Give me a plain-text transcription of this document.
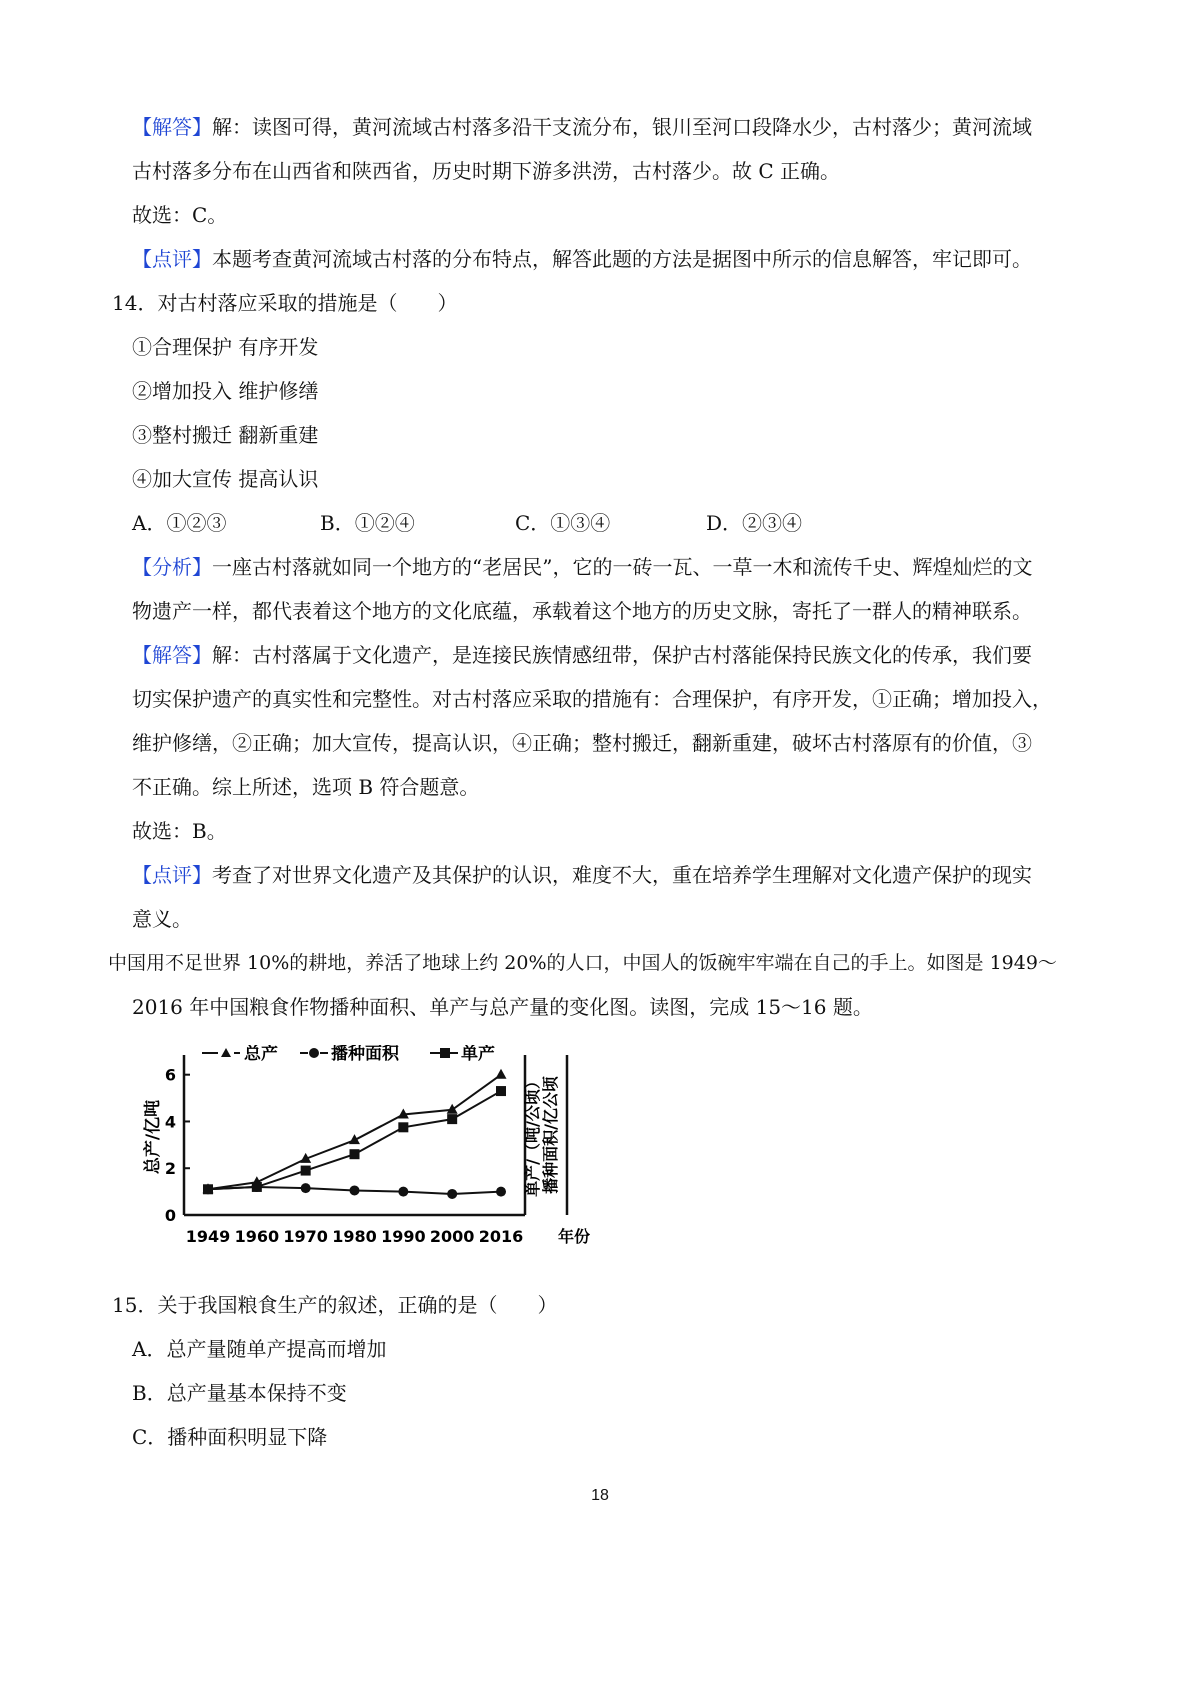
【解答】解：读图可得，黄河流域古村落多沿干支流分布，银川至河口段降水少，古村落少；黄河流域
古村落多分布在山西省和陕西省，历史时期下游多洪涝，古村落少。故 C 正确。
故选：C。
【点评】本题考查黄河流域古村落的分布特点，解答此题的方法是据图中所示的信息解答，牢记即可。
14．对古村落应采取的措施是（　　）
①合理保护 有序开发
②增加投入 维护修缮
③整村搬迁 翻新重建
④加大宣传 提高认识
A．①②③	B．①②④	C．①③④	D．②③④
【分析】一座古村落就如同一个地方的“老居民”，它的一砖一瓦、一草一木和流传千史、辉煌灿烂的文
物遗产一样，都代表着这个地方的文化底蕴，承载着这个地方的历史文脉，寄托了一群人的精神联系。
【解答】解：古村落属于文化遗产，是连接民族情感纽带，保护古村落能保持民族文化的传承，我们要
切实保护遗产的真实性和完整性。对古村落应采取的措施有：合理保护，有序开发，①正确；增加投入，
维护修缮，②正确；加大宣传，提高认识，④正确；整村搬迁，翻新重建，破坏古村落原有的价值，③
不正确。综上所述，选项 B 符合题意。
故选：B。
【点评】考查了对世界文化遗产及其保护的认识，难度不大，重在培养学生理解对文化遗产保护的现实
意义。
中国用不足世界 10%的耕地，养活了地球上约 20%的人口，中国人的饭碗牢牢端在自己的手上。如图是 1949～
2016 年中国粮食作物播种面积、单产与总产量的变化图。读图，完成 15～16 题。
总产	播种面积	单产
总产/亿吨	单产/（吨/公顷） 播种面积/亿公顷
年份
0
2
4
6
1949 1960 1970 1980 1990 2000 2016
15．关于我国粮食生产的叙述，正确的是（　　）
A．总产量随单产提高而增加
B．总产量基本保持不变
C．播种面积明显下降
18
